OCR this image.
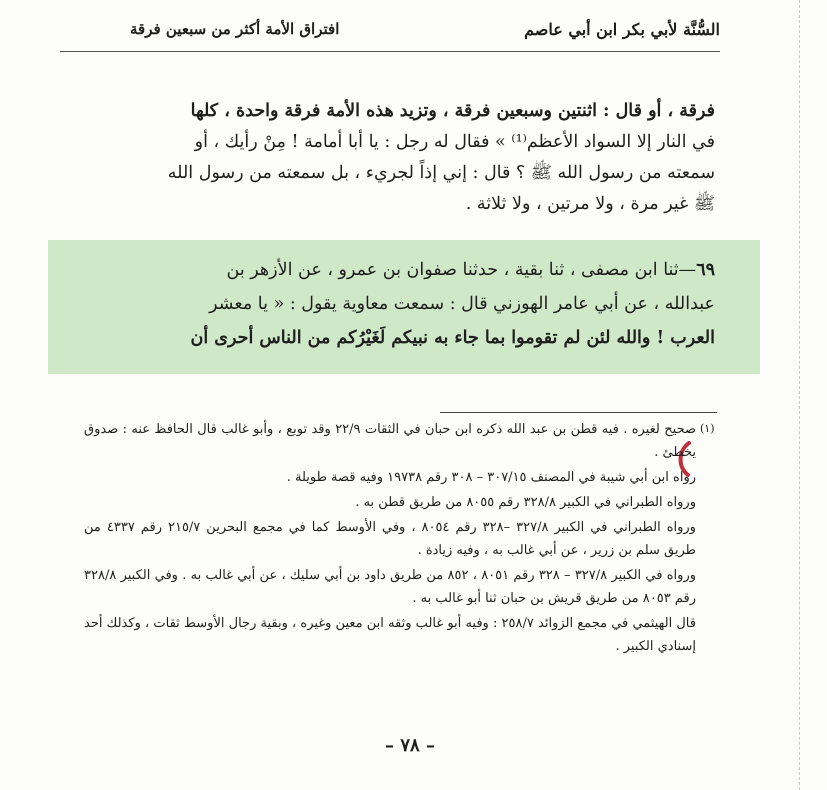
السُّنَّة لأبي بكر ابن أبي عاصم
افتراق الأمة أكثر من سبعين فرقة

فرقة ، أو قال : اثنتين وسبعين فرقة ، وتزيد هذه الأمة فرقة واحدة ، كلها

في النار إلا السواد الأعظم⁽¹⁾ » فقال له رجل : يا أبا أمامة ! مِنْ رأيك ، أو

سمعته من رسول الله ﷺ ؟ قال : إني إذاً لجريء ، بل سمعته من رسول الله

ﷺ غير مرة ، ولا مرتين ، ولا ثلاثة .

٦٩—ثنا ابن مصفى ، ثنا بقية ، حدثنا صفوان بن عمرو ، عن الأزهر بن

عبدالله ، عن أبي عامر الهوزني قال : سمعت معاوية يقول : « يا معشر

العرب ! والله لئن لم تقوموا بما جاء به نبيكم لَغَيْرُكم من الناس أحرى أن

(١)

صحيح لغيره . فيه قطن بن عبد الله ذكره ابن حبان في الثقات ٢٢/٩ وقد توبع ، وأبو غالب قال الحافظ عنه : صدوق يخطئ .

رواه ابن أبي شيبة في المصنف ٣٠٧/١٥ – ٣٠٨ رقم ١٩٧٣٨ وفيه قصة طويلة .

ورواه الطبراني في الكبير ٣٢٨/٨ رقم ٨٠٥٥ من طريق قطن به .

ورواه الطبراني في الكبير ٣٢٧/٨ –٣٢٨ رقم ٨٠٥٤ ، وفي الأوسط كما في مجمع البحرين ٢١٥/٧ رقم ٤٣٣٧ من طريق سلم بن زرير ، عن أبي غالب به ، وفيه زيادة .

ورواه في الكبير ٣٢٧/٨ – ٣٢٨ رقم ٨٠٥١ ، ٨٥٢ من طريق داود بن أبي سليك ، عن أبي غالب به . وفي الكبير ٣٢٨/٨ رقم ٨٠٥٣ من طريق قريش بن حبان ثنا أبو غالب به .

قال الهيثمي في مجمع الزوائد ٢٥٨/٧ : وفيه أبو غالب وثقه ابن معين وغيره ، وبقية رجال الأوسط ثقات ، وكذلك أحد إسنادي الكبير .

– ٧٨ –
